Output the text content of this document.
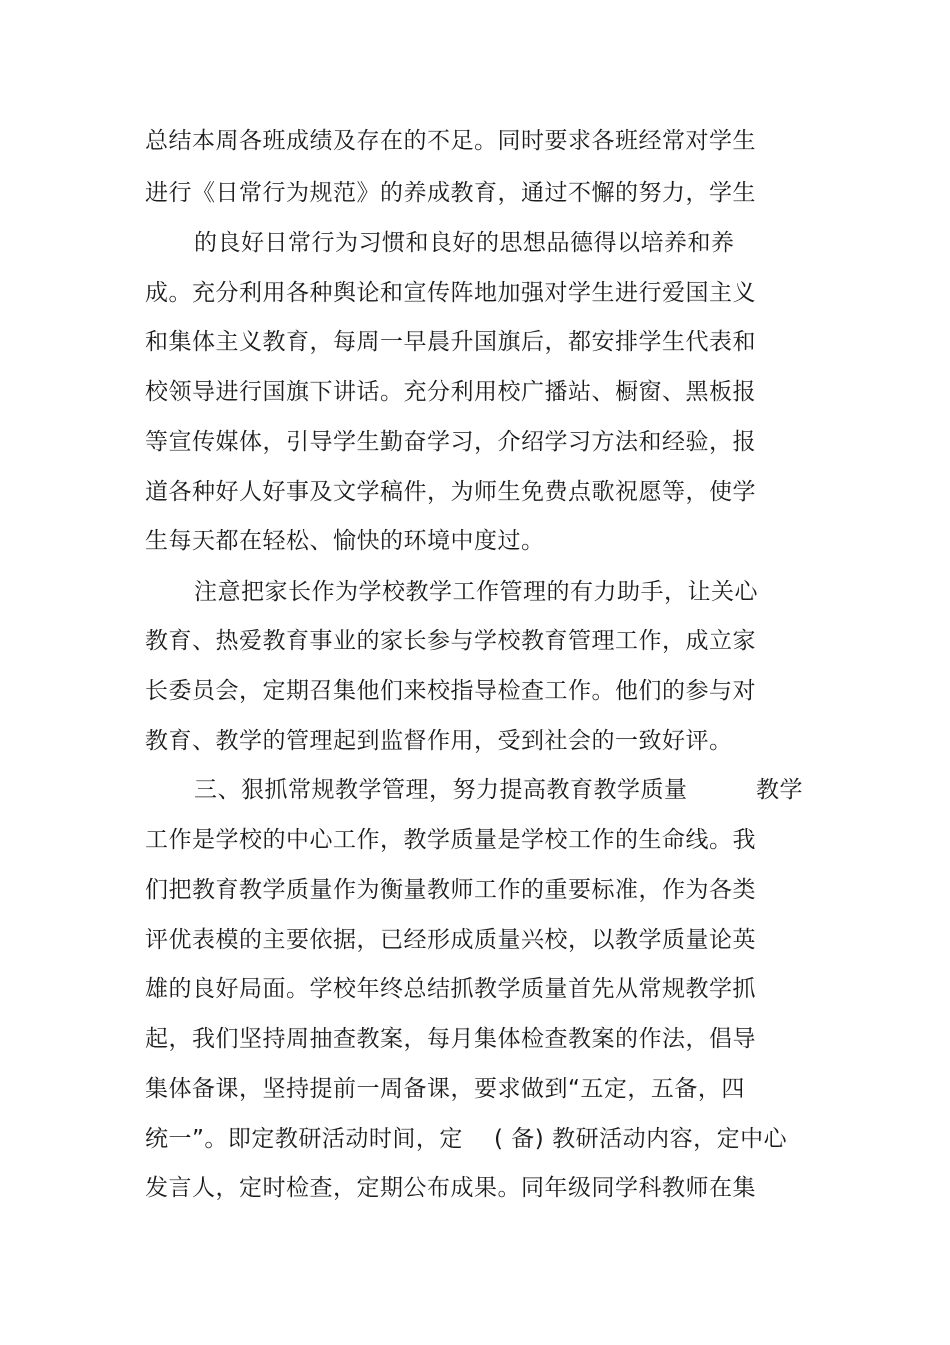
总结本周各班成绩及存在的不足。同时要求各班经常对学生
进行《日常行为规范》的养成教育，通过不懈的努力，学生
的良好日常行为习惯和良好的思想品德得以培养和养
成。充分利用各种舆论和宣传阵地加强对学生进行爱国主义
和集体主义教育，每周一早晨升国旗后，都安排学生代表和
校领导进行国旗下讲话。充分利用校广播站、橱窗、黑板报
等宣传媒体，引导学生勤奋学习，介绍学习方法和经验，报
道各种好人好事及文学稿件，为师生免费点歌祝愿等，使学
生每天都在轻松、愉快的环境中度过。
注意把家长作为学校教学工作管理的有力助手，让关心
教育、热爱教育事业的家长参与学校教育管理工作，成立家
长委员会，定期召集他们来校指导检查工作。他们的参与对
教育、教学的管理起到监督作用，受到社会的一致好评。
三、狠抓常规教学管理，努力提高教育教学质量	教学
工作是学校的中心工作，教学质量是学校工作的生命线。我
们把教育教学质量作为衡量教师工作的重要标准，作为各类
评优表模的主要依据，已经形成质量兴校，以教学质量论英
雄的良好局面。学校年终总结抓教学质量首先从常规教学抓
起，我们坚持周抽查教案，每月集体检查教案的作法，倡导
集体备课，坚持提前一周备课，要求做到“五定，五备，四
统一”。即定教研活动时间，定 ( 备) 教研活动内容，定中心
发言人，定时检查，定期公布成果。同年级同学科教师在集
